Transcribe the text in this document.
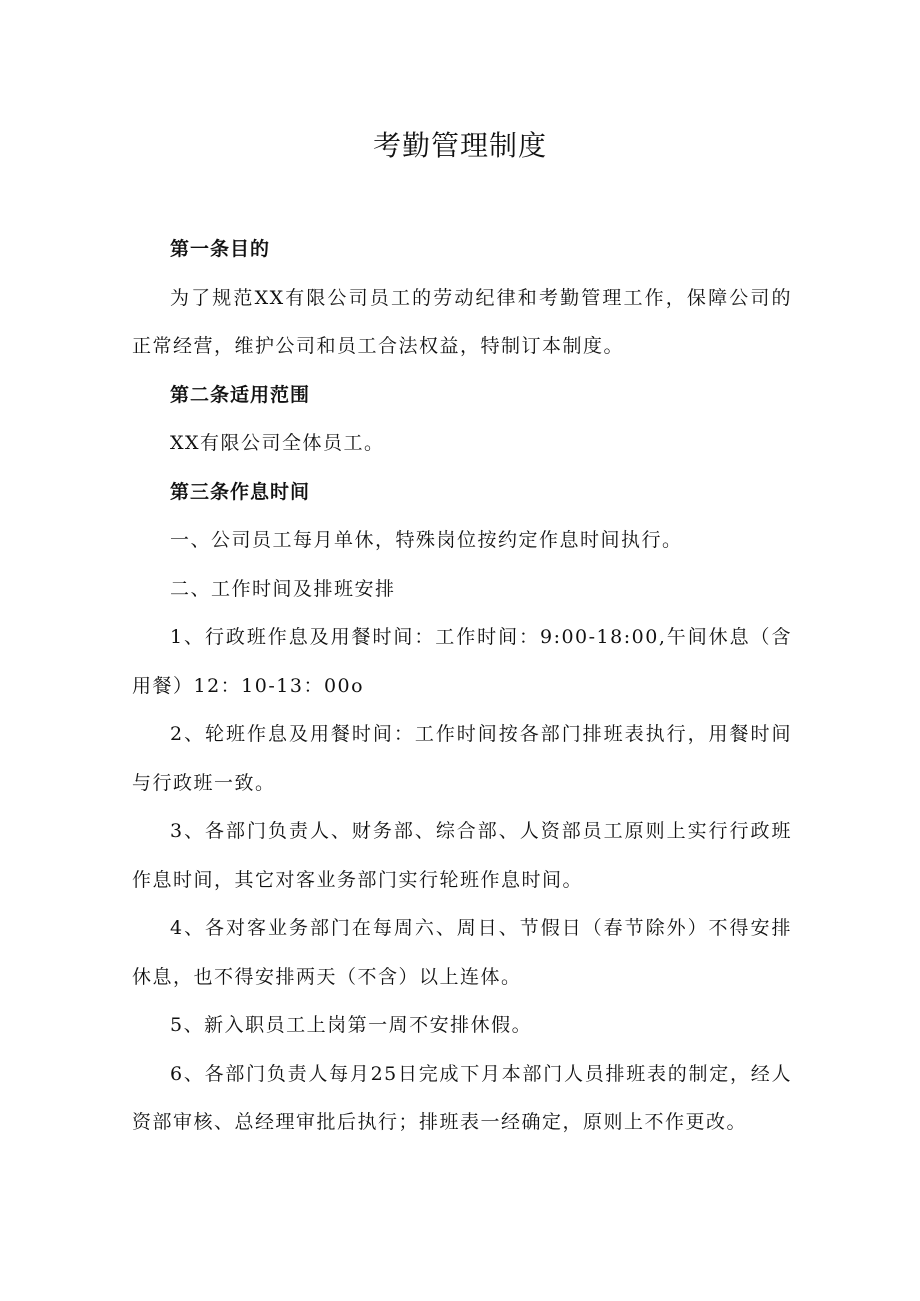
考勤管理制度

第一条目的

为了规范XX有限公司员工的劳动纪律和考勤管理工作，保障公司的正常经营，维护公司和员工合法权益，特制订本制度。

第二条适用范围

XX有限公司全体员工。

第三条作息时间

一、公司员工每月单休，特殊岗位按约定作息时间执行。

二、工作时间及排班安排

1、行政班作息及用餐时间：工作时间：9:00-18:00,午间休息（含用餐）12：10-13：00o

2、轮班作息及用餐时间：工作时间按各部门排班表执行，用餐时间与行政班一致。

3、各部门负责人、财务部、综合部、人资部员工原则上实行行政班作息时间，其它对客业务部门实行轮班作息时间。

4、各对客业务部门在每周六、周日、节假日（春节除外）不得安排休息，也不得安排两天（不含）以上连体。

5、新入职员工上岗第一周不安排休假。

6、各部门负责人每月25日完成下月本部门人员排班表的制定，经人资部审核、总经理审批后执行；排班表一经确定，原则上不作更改。
